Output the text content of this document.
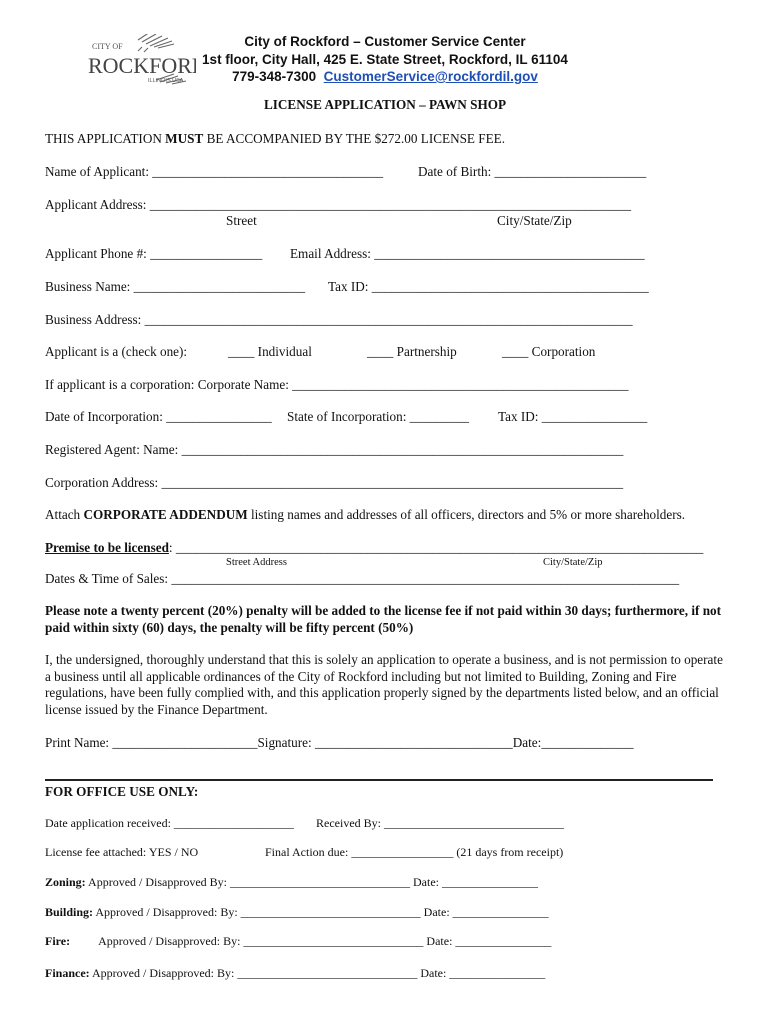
CITY OF
ROCKFORD
ILLINOIS USA
City of Rockford – Customer Service Center
1st floor, City Hall, 425 E. State Street, Rockford, IL 61104
779-348-7300 CustomerService@rockfordil.gov
LICENSE APPLICATION – PAWN SHOP
THIS APPLICATION MUST BE ACCOMPANIED BY THE $272.00 LICENSE FEE.
Name of Applicant: ___________________________________	Date of Birth: _______________________
Applicant Address: _________________________________________________________________________
Street	City/State/Zip
Applicant Phone #: _________________ Email Address: _________________________________________
Business Name: __________________________ Tax ID: __________________________________________
Business Address: __________________________________________________________________________
Applicant is a (check one):	____ Individual	____ Partnership	____ Corporation
If applicant is a corporation: Corporate Name: ___________________________________________________
Date of Incorporation: ________________ State of Incorporation: _________ Tax ID: ________________
Registered Agent: Name: ___________________________________________________________________
Corporation Address: ______________________________________________________________________
Attach CORPORATE ADDENDUM listing names and addresses of all officers, directors and 5% or more shareholders.
Premise to be licensed: ________________________________________________________________________________
Street Address	City/State/Zip
Dates & Time of Sales: _____________________________________________________________________________
Please note a twenty percent (20%) penalty will be added to the license fee if not paid within 30 days; furthermore, if not paid within sixty (60) days, the penalty will be fifty percent (50%)
I, the undersigned, thoroughly understand that this is solely an application to operate a business, and is not permission to operate a business until all applicable ordinances of the City of Rockford including but not limited to Building, Zoning and Fire regulations, have been fully complied with, and this application properly signed by the departments listed below, and an official license issued by the Finance Department.
Print Name: ______________________Signature: ______________________________Date:______________
FOR OFFICE USE ONLY:
Date application received: ____________________ Received By: ______________________________
License fee attached: YES / NO	Final Action due: _________________ (21 days from receipt)
Zoning: Approved / Disapproved By: ______________________________ Date: ________________
Building: Approved / Disapproved: By: ______________________________ Date: ________________
Fire: Approved / Disapproved: By: ______________________________ Date: ________________
Finance: Approved / Disapproved: By: ______________________________ Date: ________________
